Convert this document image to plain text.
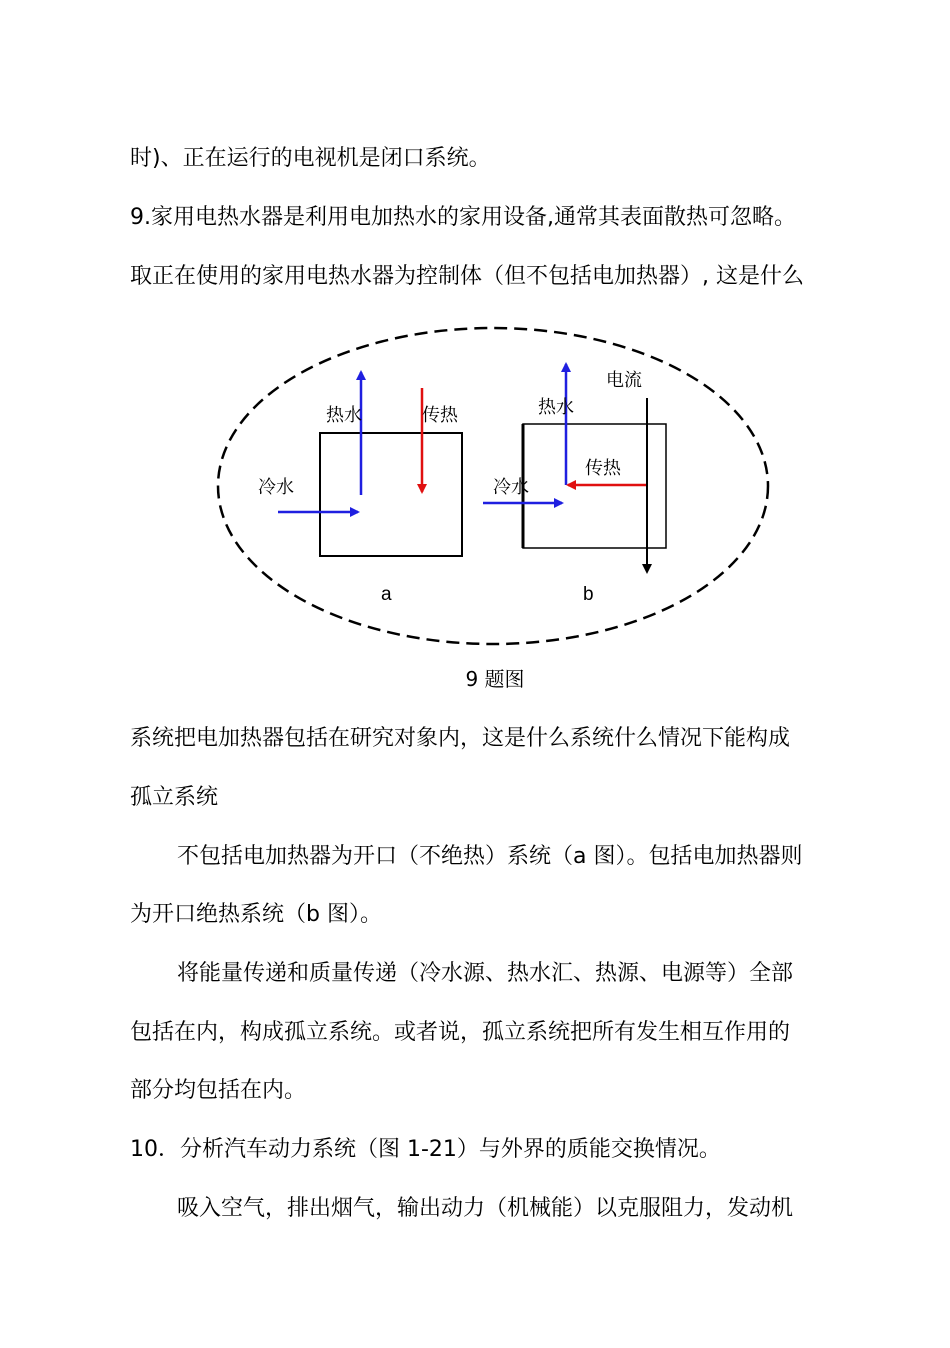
时)、正在运行的电视机是闭口系统。
9.家用电热水器是利用电加热水的家用设备,通常其表面散热可忽略。
取正在使用的家用电热水器为控制体（但不包括电加热器）, 这是什么
冷水
热水	传热
a
冷水
热水
传热
电流
b
9 题图
系统把电加热器包括在研究对象内，这是什么系统什么情况下能构成
孤立系统
不包括电加热器为开口（不绝热）系统（a 图）。包括电加热器则
为开口绝热系统（b 图）。
将能量传递和质量传递（冷水源、热水汇、热源、电源等）全部
包括在内，构成孤立系统。或者说，孤立系统把所有发生相互作用的
部分均包括在内。
10．分析汽车动力系统（图 1-21）与外界的质能交换情况。
吸入空气，排出烟气，输出动力（机械能）以克服阻力，发动机
